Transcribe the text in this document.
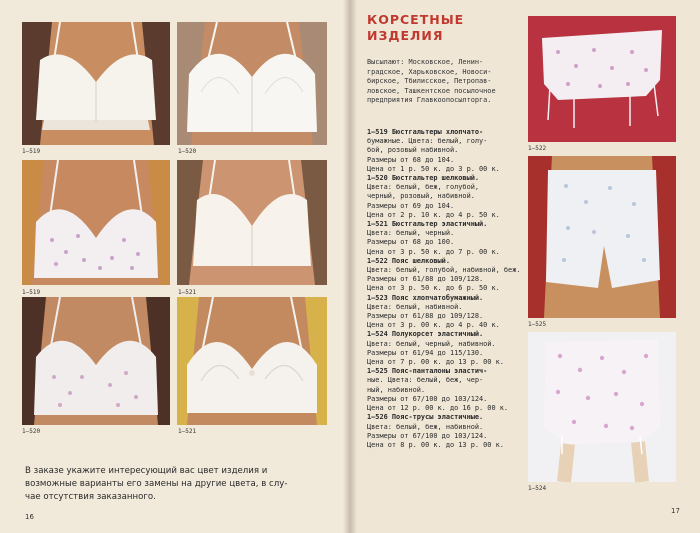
1—519	1—520
1—519	1—521
1—520	1—521
В заказе укажите интересующий вас цвет изделия и
возможные варианты его замены на другие цвета, в слу-
чае отсутствия заказанного.
16
КОРСЕТНЫЕ
ИЗДЕЛИЯ
Высылают: Московское, Ленин-
градское, Харьковское, Новоси-
бирское, Тбилисское, Петропав-
ловское, Ташкентское посылочное
предприятия Главкоопосылторга.
1—519 Бюстгальтеры хлопчато-
бумажные. Цвета: белый, голу-
бой, розовый набивной.
Размеры от 68 до 104.
Цена от 1 р. 50 к. до 3 р. 00 к.
1—520 Бюстгальтер шелковый.
Цвета: белый, беж, голубой,
черный, розовый, набивной.
Размеры от 69 до 104.
Цена от 2 р. 10 к. до 4 р. 50 к.
1—521 Бюстгальтер эластичный.
Цвета: белый, черный.
Размеры от 68 до 100.
Цена от 3 р. 50 к. до 7 р. 00 к.
1—522 Пояс шелковый.
Цвета: белый, голубой, набивной, беж.
Размеры от 61/88 до 109/128.
Цена от 3 р. 50 к. до 6 р. 50 к.
1—523 Пояс хлопчатобумажный.
Цвета: белый, набивной.
Размеры от 61/88 до 109/128.
Цена от 3 р. 00 к. до 4 р. 40 к.
1—524 Полукорсет эластичный.
Цвета: белый, черный, набивной.
Размеры от 61/94 до 115/130.
Цена от 7 р. 00 к. до 13 р. 00 к.
1—525 Пояс-панталоны эластич-
ные. Цвета: белый, беж, чер-
ный, набивной.
Размеры от 67/100 до 103/124.
Цена от 12 р. 00 к. до 16 р. 00 к.
1—526 Пояс-трусы эластичные.
Цвета: белый, беж, набивной.
Размеры от 67/100 до 103/124.
Цена от 8 р. 00 к. до 13 р. 00 к.
1—522
1—525
1—524
17
